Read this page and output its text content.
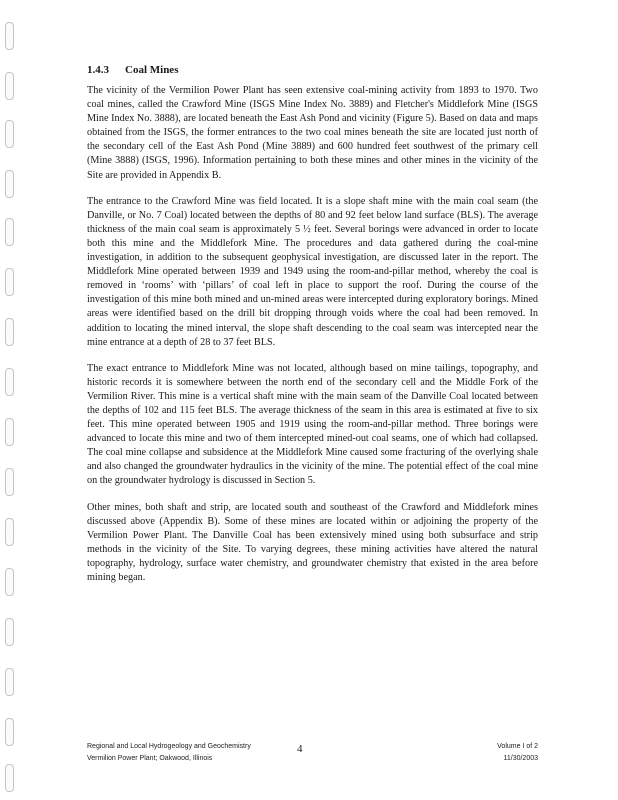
1.4.3 Coal Mines

The vicinity of the Vermilion Power Plant has seen extensive coal-mining activity from 1893 to 1970. Two coal mines, called the Crawford Mine (ISGS Mine Index No. 3889) and Fletcher's Middlefork Mine (ISGS Mine Index No. 3888), are located beneath the East Ash Pond and vicinity (Figure 5). Based on data and maps obtained from the ISGS, the former entrances to the two coal mines beneath the site are located just north of the secondary cell of the East Ash Pond (Mine 3889) and 600 hundred feet southwest of the primary cell (Mine 3888) (ISGS, 1996). Information pertaining to both these mines and other mines in the vicinity of the Site are provided in Appendix B.

The entrance to the Crawford Mine was field located. It is a slope shaft mine with the main coal seam (the Danville, or No. 7 Coal) located between the depths of 80 and 92 feet below land surface (BLS). The average thickness of the main coal seam is approximately 5 ½ feet. Several borings were advanced in order to locate both this mine and the Middlefork Mine. The procedures and data gathered during the coal-mine investigation, in addition to the subsequent geophysical investigation, are discussed later in the report. The Middlefork Mine operated between 1939 and 1949 using the room-and-pillar method, whereby the coal is removed in ‘rooms’ with ‘pillars’ of coal left in place to support the roof. During the course of the investigation of this mine both mined and un-mined areas were intercepted during exploratory borings. Mined areas were identified based on the drill bit dropping through voids where the coal had been removed. In addition to locating the mined interval, the slope shaft descending to the coal seam was intercepted near the mine entrance at a depth of 28 to 37 feet BLS.

The exact entrance to Middlefork Mine was not located, although based on mine tailings, topography, and historic records it is somewhere between the north end of the secondary cell and the Middle Fork of the Vermilion River. This mine is a vertical shaft mine with the main seam of the Danville Coal located between the depths of 102 and 115 feet BLS. The average thickness of the seam in this area is estimated at five to six feet. This mine operated between 1905 and 1919 using the room-and-pillar method. Three borings were advanced to locate this mine and two of them intercepted mined-out coal seams, one of which had collapsed. The coal mine collapse and subsidence at the Middlefork Mine caused some fracturing of the overlying shale and also changed the groundwater hydraulics in the vicinity of the mine. The potential effect of the coal mine on the groundwater hydrology is discussed in Section 5.

Other mines, both shaft and strip, are located south and southeast of the Crawford and Middlefork mines discussed above (Appendix B). Some of these mines are located within or adjoining the property of the Vermilion Power Plant. The Danville Coal has been extensively mined using both subsurface and strip methods in the vicinity of the Site. To varying degrees, these mining activities have altered the natural topography, hydrology, surface water chemistry, and groundwater chemistry that existed in the area before mining began.

Regional and Local Hydrogeology and Geochemistry
Vermilion Power Plant; Oakwood, Illinois
4	Volume I of 2
11/30/2003
